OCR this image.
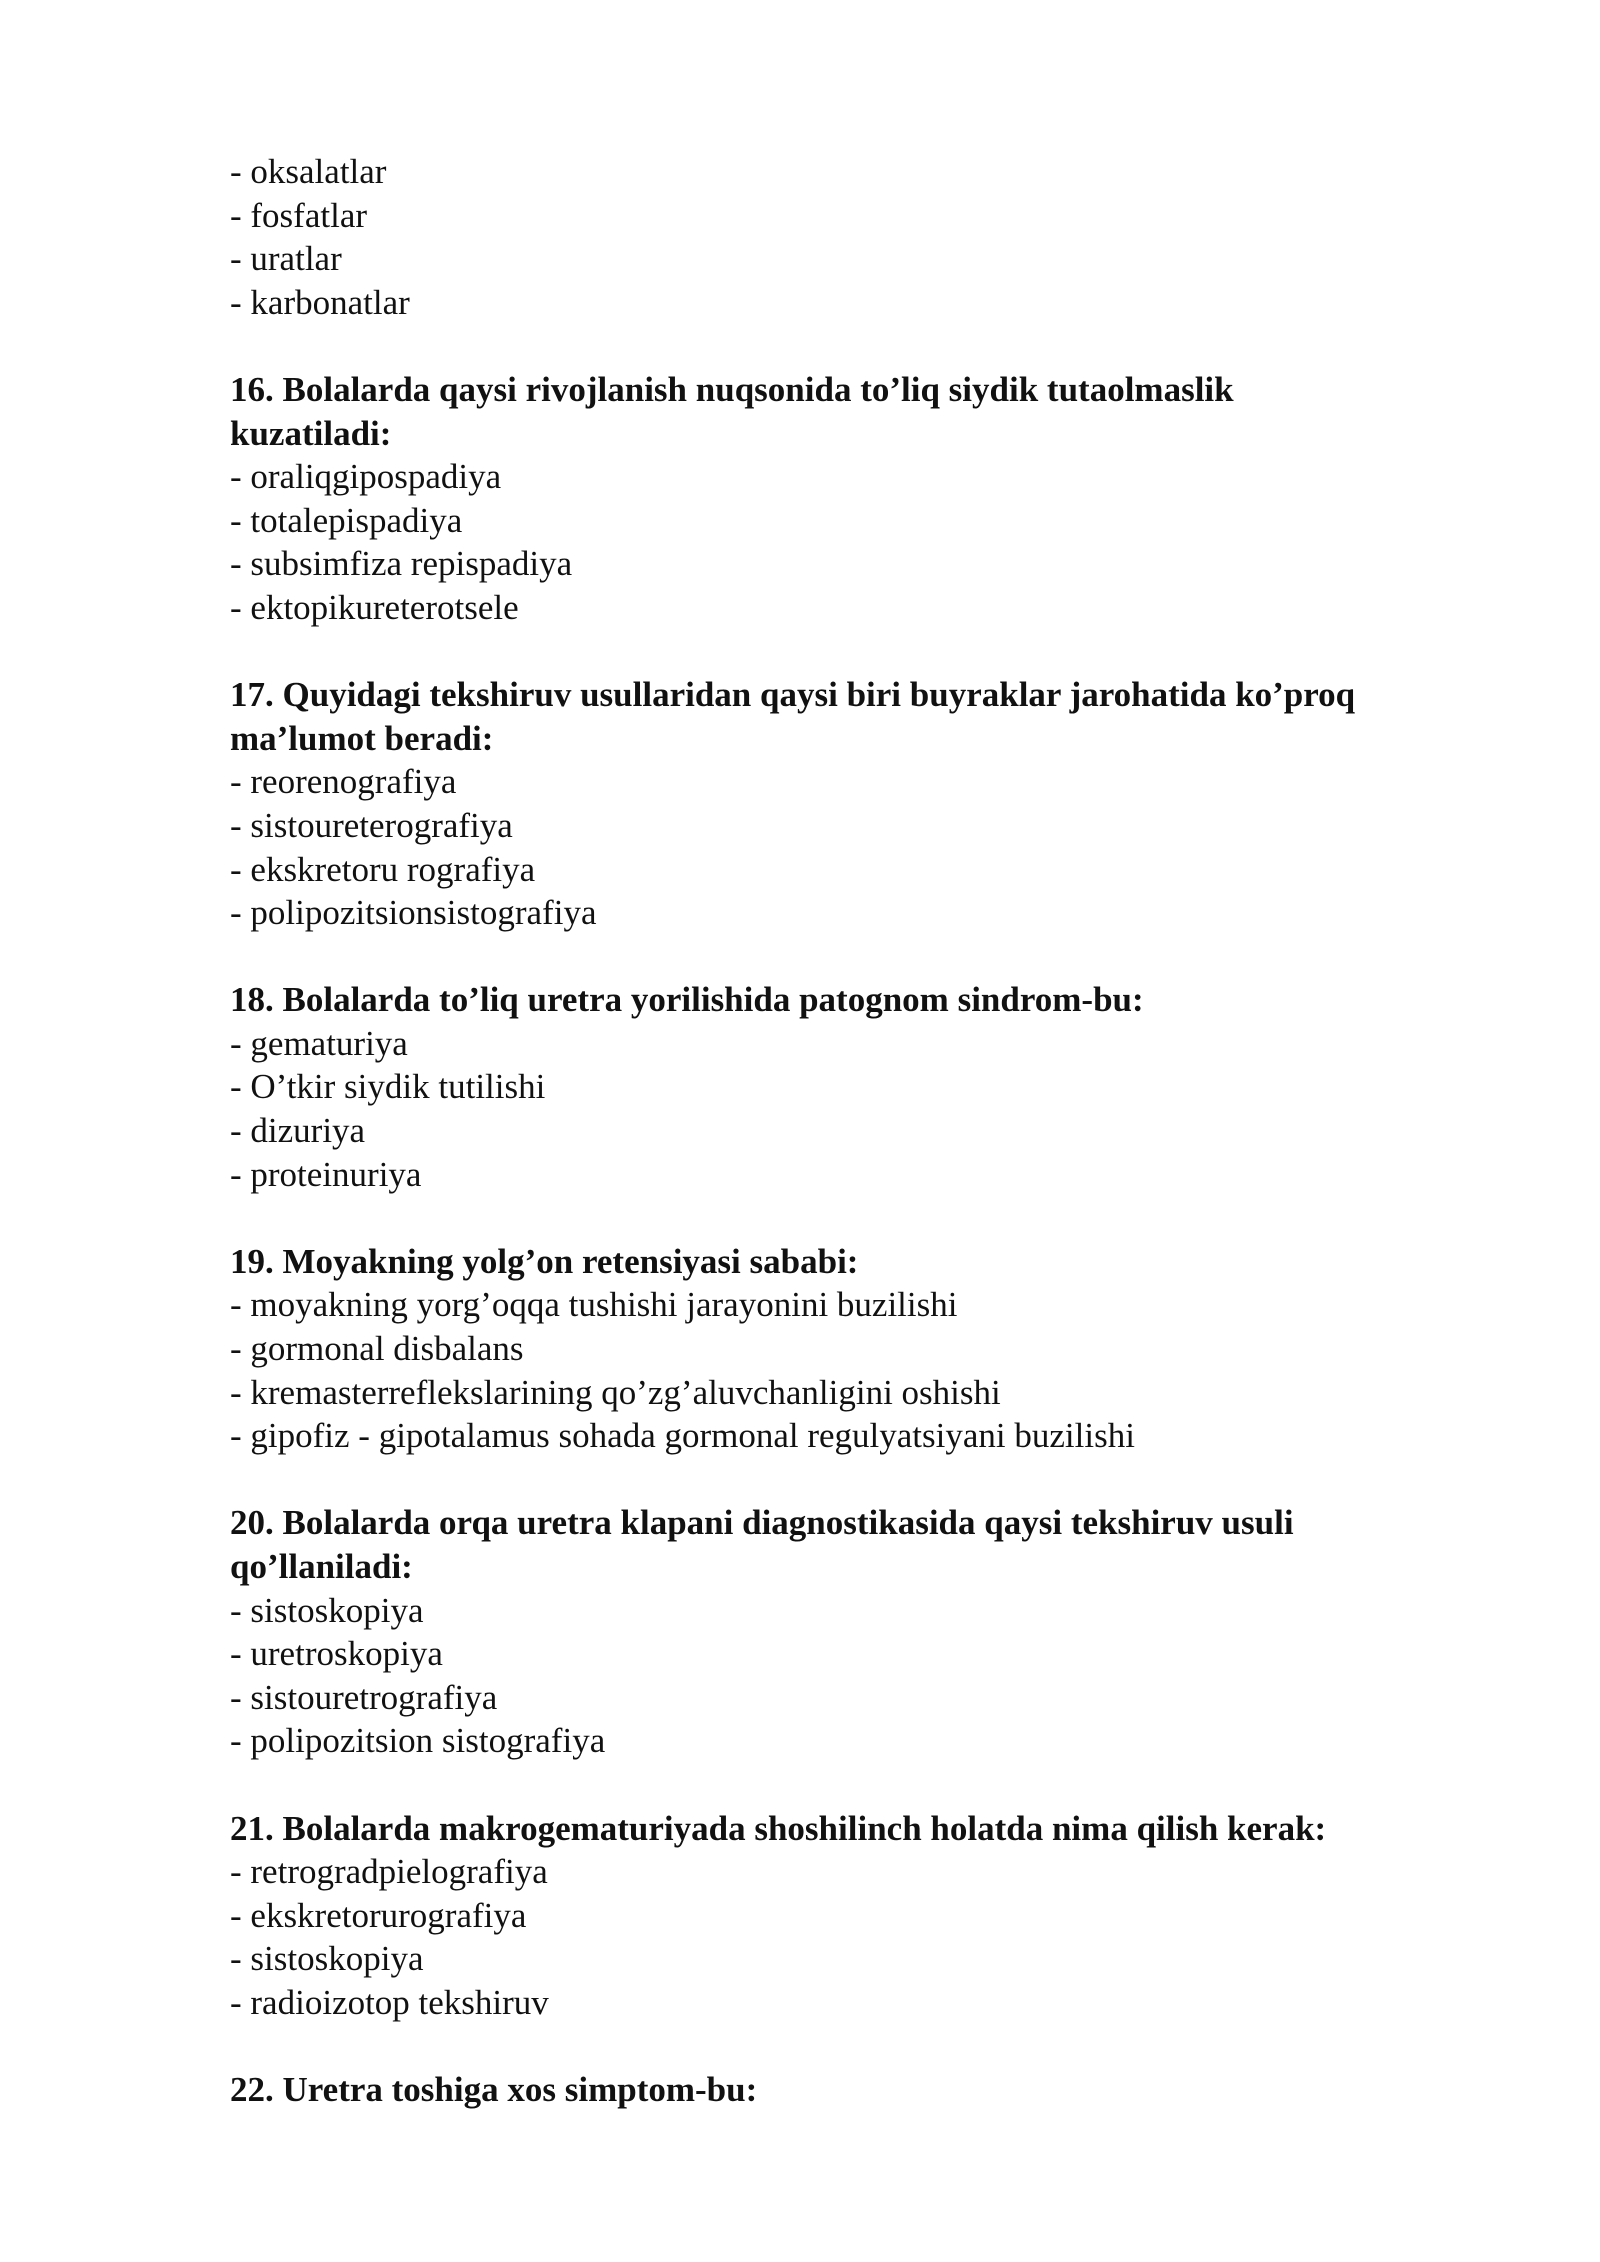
- oksalatlar

- fosfatlar

- uratlar

- karbonatlar

16. Bolalarda qaysi rivojlanish nuqsonida to’liq siydik tutaolmaslik

kuzatiladi:

- oraliqgipospadiya

- totalepispadiya

- subsimfiza repispadiya

- ektopikureterotsele

17. Quyidagi tekshiruv usullaridan qaysi biri buyraklar jarohatida ko’proq

ma’lumot beradi:

- reorenografiya

- sistoureterografiya

- ekskretoru rografiya

- polipozitsionsistografiya

18. Bolalarda to’liq uretra yorilishida patognom sindrom-bu:

- gematuriya

- O’tkir siydik tutilishi

- dizuriya

- proteinuriya

19. Moyakning yolg’on retensiyasi sababi:

- moyakning yorg’oqqa tushishi jarayonini buzilishi

- gormonal disbalans

- kremasterreflekslarining qo’zg’aluvchanligini oshishi

- gipofiz - gipotalamus sohada gormonal regulyatsiyani buzilishi

20. Bolalarda orqa uretra klapani diagnostikasida qaysi tekshiruv usuli

qo’llaniladi:

- sistoskopiya

- uretroskopiya

- sistouretrografiya

- polipozitsion sistografiya

21. Bolalarda makrogematuriyada shoshilinch holatda nima qilish kerak:

- retrogradpielografiya

- ekskretorurografiya

- sistoskopiya

- radioizotop tekshiruv

22. Uretra toshiga xos simptom-bu:
